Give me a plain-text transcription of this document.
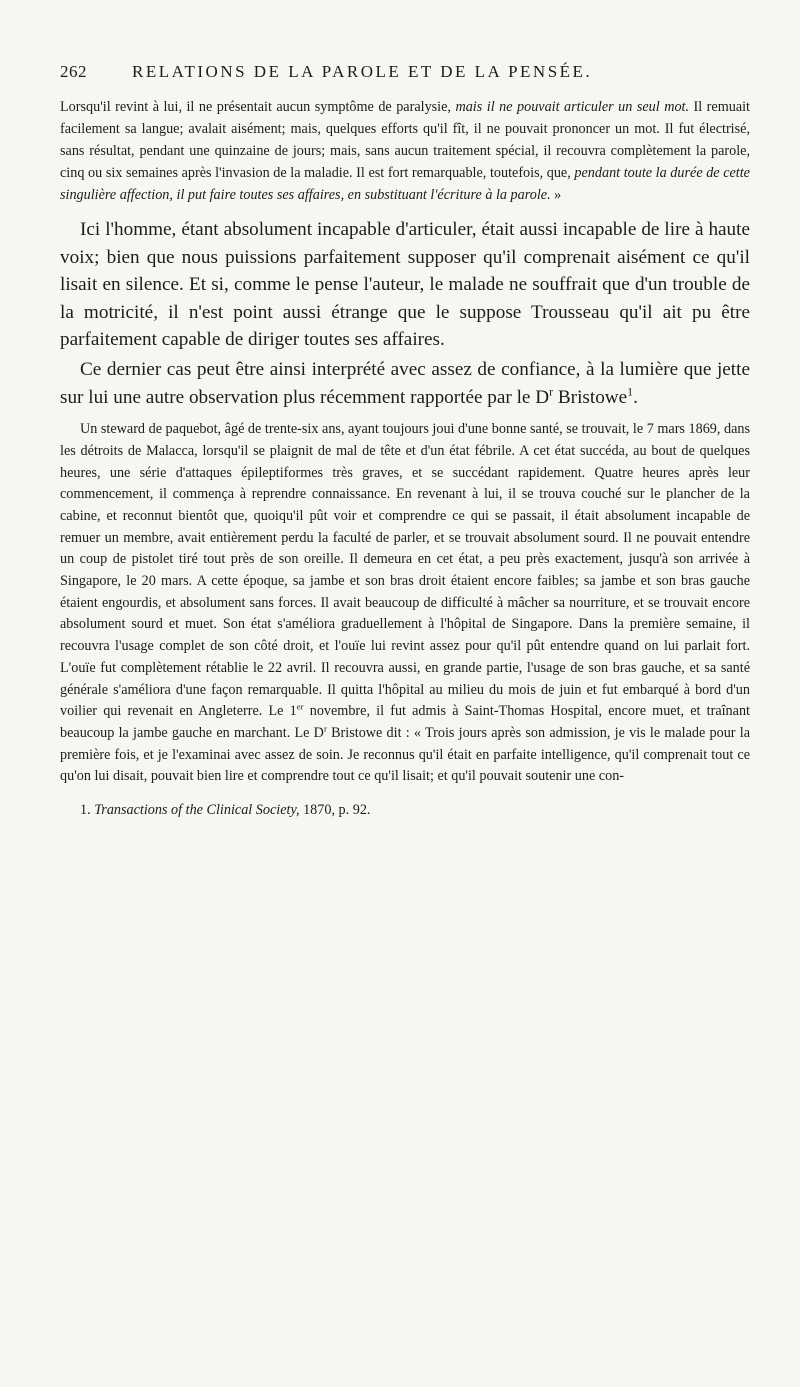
262	RELATIONS DE LA PAROLE ET DE LA PENSÉE.

Lorsqu'il revint à lui, il ne présentait aucun symptôme de paralysie, mais il ne pouvait articuler un seul mot. Il remuait facilement sa langue; avalait aisément; mais, quelques efforts qu'il fît, il ne pouvait prononcer un mot. Il fut électrisé, sans résultat, pendant une quinzaine de jours; mais, sans aucun traitement spécial, il recouvra complètement la parole, cinq ou six semaines après l'invasion de la maladie. Il est fort remarquable, toutefois, que, pendant toute la durée de cette singulière affection, il put faire toutes ses affaires, en substituant l'écriture à la parole. »

Ici l'homme, étant absolument incapable d'articuler, était aussi incapable de lire à haute voix; bien que nous puissions parfaitement supposer qu'il comprenait aisément ce qu'il lisait en silence. Et si, comme le pense l'auteur, le malade ne souffrait que d'un trouble de la motricité, il n'est point aussi étrange que le suppose Trousseau qu'il ait pu être parfaitement capable de diriger toutes ses affaires.

Ce dernier cas peut être ainsi interprété avec assez de confiance, à la lumière que jette sur lui une autre observation plus récemment rapportée par le $D^r$ Bristowe$^1$.

Un steward de paquebot, âgé de trente-six ans, ayant toujours joui d'une bonne santé, se trouvait, le 7 mars 1869, dans les détroits de Malacca, lorsqu'il se plaignit de mal de tête et d'un état fébrile. A cet état succéda, au bout de quelques heures, une série d'attaques épileptiformes très graves, et se succédant rapidement. Quatre heures après leur commencement, il commença à reprendre connaissance. En revenant à lui, il se trouva couché sur le plancher de la cabine, et reconnut bientôt que, quoiqu'il pût voir et comprendre ce qui se passait, il était absolument incapable de remuer un membre, avait entièrement perdu la faculté de parler, et se trouvait absolument sourd. Il ne pouvait entendre un coup de pistolet tiré tout près de son oreille. Il demeura en cet état, a peu près exactement, jusqu'à son arrivée à Singapore, le 20 mars. A cette époque, sa jambe et son bras droit étaient encore faibles; sa jambe et son bras gauche étaient engourdis, et absolument sans forces. Il avait beaucoup de difficulté à mâcher sa nourriture, et se trouvait encore absolument sourd et muet. Son état s'améliora graduellement à l'hôpital de Singapore. Dans la première semaine, il recouvra l'usage complet de son côté droit, et l'ouïe lui revint assez pour qu'il pût entendre quand on lui parlait fort. L'ouïe fut complètement rétablie le 22 avril. Il recouvra aussi, en grande partie, l'usage de son bras gauche, et sa santé générale s'améliora d'une façon remarquable. Il quitta l'hôpital au milieu du mois de juin et fut embarqué à bord d'un voilier qui revenait en Angleterre. Le 1er novembre, il fut admis à Saint-Thomas Hospital, encore muet, et traînant beaucoup la jambe gauche en marchant. Le $D^r$ Bristowe dit : « Trois jours après son admission, je vis le malade pour la première fois, et je l'examinai avec assez de soin. Je reconnus qu'il était en parfaite intelligence, qu'il comprenait tout ce qu'on lui disait, pouvait bien lire et comprendre tout ce qu'il lisait; et qu'il pouvait soutenir une con-

1. Transactions of the Clinical Society, 1870, p. 92.
